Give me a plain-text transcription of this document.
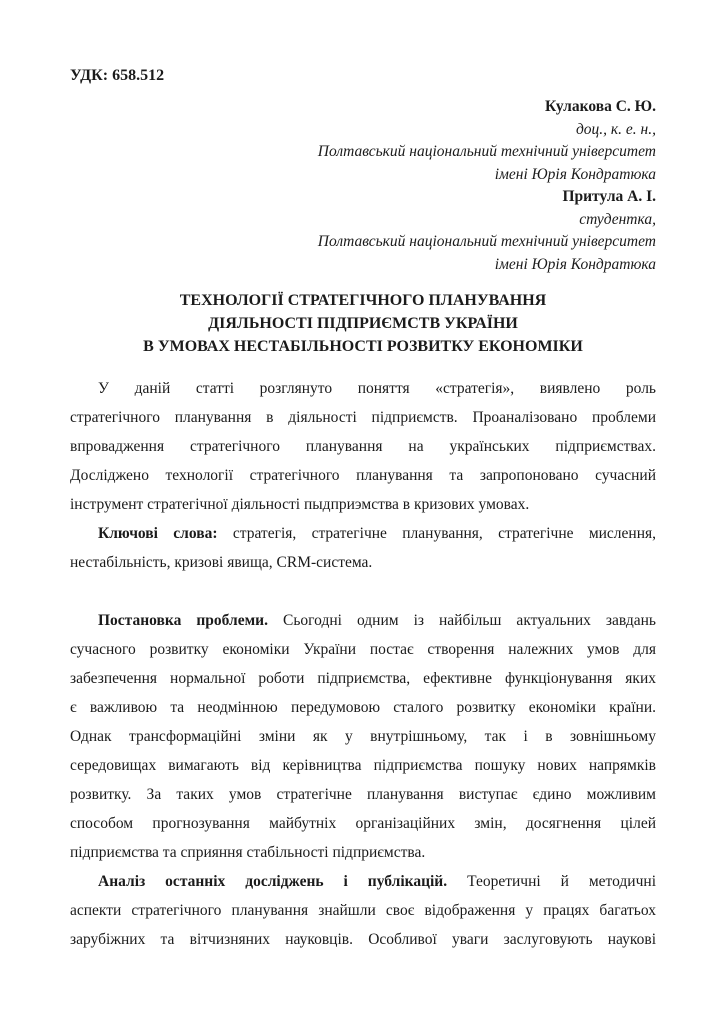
УДК: 658.512
Кулакова С. Ю.
доц., к. е. н.,
Полтавський національний технічний університет
імені Юрія Кондратюка
Притула А. І.
студентка,
Полтавський національний технічний університет
імені Юрія Кондратюка
ТЕХНОЛОГІЇ СТРАТЕГІЧНОГО ПЛАНУВАННЯ
ДІЯЛЬНОСТІ ПІДПРИЄМСТВ УКРАЇНИ
В УМОВАХ НЕСТАБІЛЬНОСТІ РОЗВИТКУ ЕКОНОМІКИ
У даній статті розглянуто поняття «стратегія», виявлено роль
стратегічного планування в діяльності підприємств. Проаналізовано проблеми
впровадження стратегічного планування на українських підприємствах.
Досліджено технології стратегічного планування та запропоновано сучасний
інструмент стратегічної діяльності пыдприэмства в кризових умовах.
Ключові слова: стратегія, стратегічне планування, стратегічне мислення,
нестабільність, кризові явища, CRM-система.
Постановка проблеми. Сьогодні одним із найбільш актуальних завдань
сучасного розвитку економіки України постає створення належних умов для
забезпечення нормальної роботи підприємства, ефективне функціонування яких
є важливою та неодмінною передумовою сталого розвитку економіки країни.
Однак трансформаційні зміни як у внутрішньому, так і в зовнішньому
середовищах вимагають від керівництва підприємства пошуку нових напрямків
розвитку. За таких умов стратегічне планування виступає єдино можливим
способом прогнозування майбутніх організаційних змін, досягнення цілей
підприємства та сприяння стабільності підприємства.
Аналіз останніх досліджень і публікацій. Теоретичні й методичні
аспекти стратегічного планування знайшли своє відображення у працях багатьох
зарубіжних та вітчизняних науковців. Особливої уваги заслуговують наукові
